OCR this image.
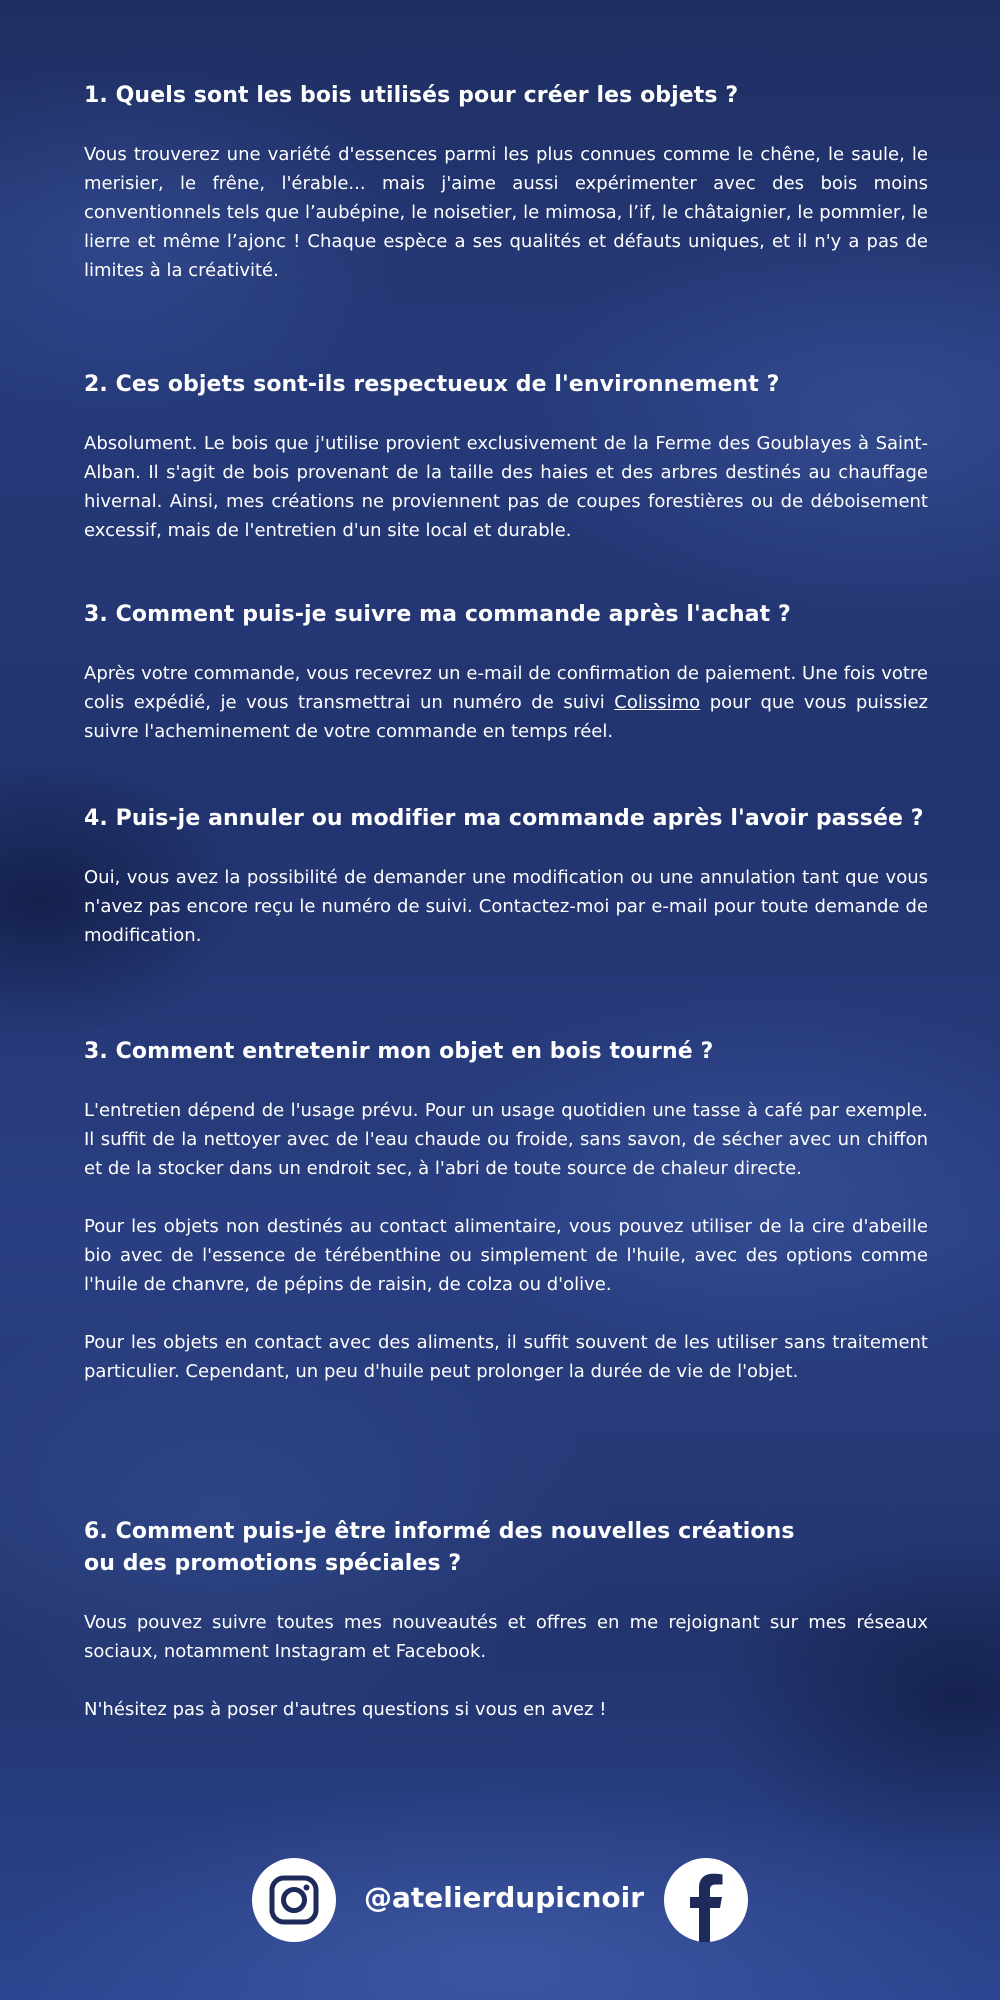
1. Quels sont les bois utilisés pour créer les objets ?

Vous trouverez une variété d'essences parmi les plus connues comme le chêne, le saule, le merisier, le frêne, l'érable... mais j'aime aussi expérimenter avec des bois moins conventionnels tels que l’aubépine, le noisetier, le mimosa, l’if, le châtaignier, le pommier, le lierre et même l’ajonc ! Chaque espèce a ses qualités et défauts uniques, et il n'y a pas de limites à la créativité.

2. Ces objets sont-ils respectueux de l'environnement ?

Absolument. Le bois que j'utilise provient exclusivement de la Ferme des Goublayes à Saint-Alban. Il s'agit de bois provenant de la taille des haies et des arbres destinés au chauffage hivernal. Ainsi, mes créations ne proviennent pas de coupes forestières ou de déboisement excessif, mais de l'entretien d'un site local et durable.

3. Comment puis-je suivre ma commande après l'achat ?

Après votre commande, vous recevrez un e-mail de confirmation de paiement. Une fois votre colis expédié, je vous transmettrai un numéro de suivi Colissimo pour que vous puissiez suivre l'acheminement de votre commande en temps réel.

4. Puis-je annuler ou modifier ma commande après l'avoir passée ?

Oui, vous avez la possibilité de demander une modification ou une annulation tant que vous n'avez pas encore reçu le numéro de suivi. Contactez-moi par e-mail pour toute demande de modification.

3. Comment entretenir mon objet en bois tourné ?

L'entretien dépend de l'usage prévu. Pour un usage quotidien une tasse à café par exemple. Il suffit de la nettoyer avec de l'eau chaude ou froide, sans savon, de sécher avec un chiffon et de la stocker dans un endroit sec, à l'abri de toute source de chaleur directe.

Pour les objets non destinés au contact alimentaire, vous pouvez utiliser de la cire d'abeille bio avec de l'essence de térébenthine ou simplement de l'huile, avec des options comme l'huile de chanvre, de pépins de raisin, de colza ou d'olive.

Pour les objets en contact avec des aliments, il suffit souvent de les utiliser sans traitement particulier. Cependant, un peu d'huile peut prolonger la durée de vie de l'objet.

6. Comment puis-je être informé des nouvelles créations ou des promotions spéciales ?

Vous pouvez suivre toutes mes nouveautés et offres en me rejoignant sur mes réseaux sociaux, notamment Instagram et Facebook.

N'hésitez pas à poser d'autres questions si vous en avez !

@atelierdupicnoir
